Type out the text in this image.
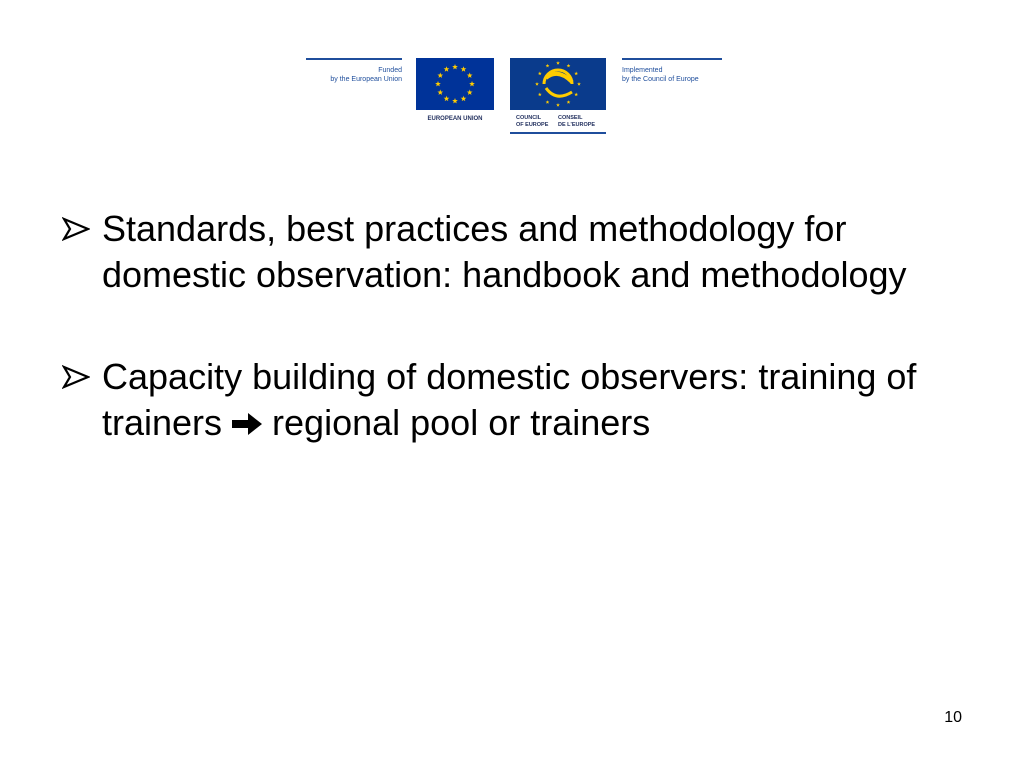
Funded
by the European Union
EUROPEAN UNION	COUNCIL
OF EUROPE
CONSEIL
DE L'EUROPE
Implemented
by the Council of Europe
Standards, best practices and methodology for domestic observation: handbook and methodology
Capacity building of domestic observers: training of trainers regional pool or trainers
10
